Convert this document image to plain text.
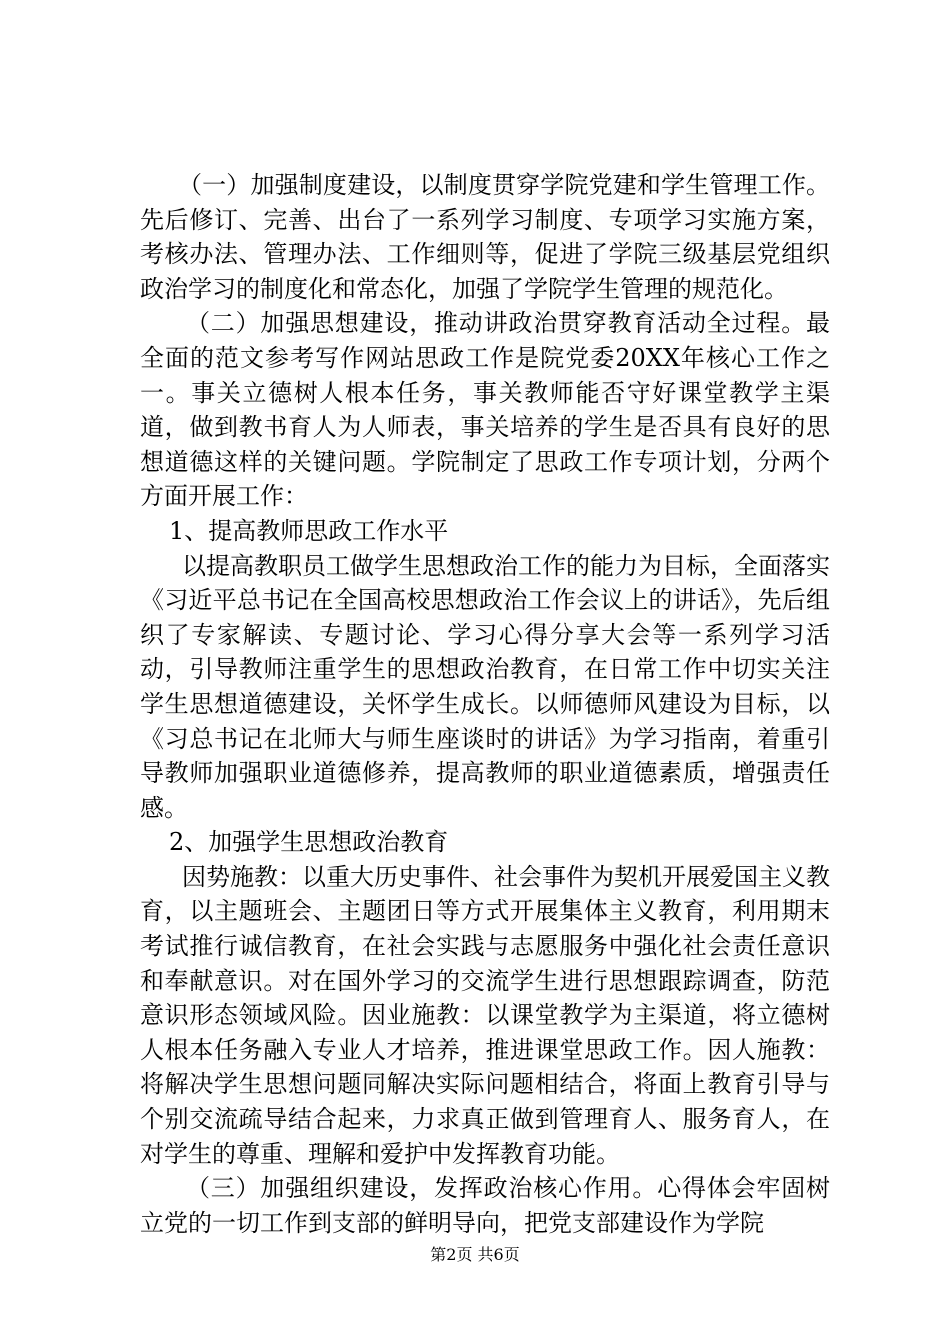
（一）加强制度建设，以制度贯穿学院党建和学生管理工作。先后修订、完善、出台了一系列学习制度、专项学习实施方案，考核办法、管理办法、工作细则等，促进了学院三级基层党组织政治学习的制度化和常态化，加强了学院学生管理的规范化。

（二）加强思想建设，推动讲政治贯穿教育活动全过程。最全面的范文参考写作网站思政工作是院党委20XX年核心工作之一。事关立德树人根本任务，事关教师能否守好课堂教学主渠道，做到教书育人为人师表，事关培养的学生是否具有良好的思想道德这样的关键问题。学院制定了思政工作专项计划，分两个方面开展工作：

1、提高教师思政工作水平

以提高教职员工做学生思想政治工作的能力为目标，全面落实《习近平总书记在全国高校思想政治工作会议上的讲话》，先后组织了专家解读、专题讨论、学习心得分享大会等一系列学习活动，引导教师注重学生的思想政治教育，在日常工作中切实关注学生思想道德建设，关怀学生成长。以师德师风建设为目标，以《习总书记在北师大与师生座谈时的讲话》为学习指南，着重引导教师加强职业道德修养，提高教师的职业道德素质，增强责任感。

2、加强学生思想政治教育

因势施教：以重大历史事件、社会事件为契机开展爱国主义教育，以主题班会、主题团日等方式开展集体主义教育，利用期末考试推行诚信教育，在社会实践与志愿服务中强化社会责任意识和奉献意识。对在国外学习的交流学生进行思想跟踪调查，防范意识形态领域风险。因业施教：以课堂教学为主渠道，将立德树人根本任务融入专业人才培养，推进课堂思政工作。因人施教：将解决学生思想问题同解决实际问题相结合，将面上教育引导与个别交流疏导结合起来，力求真正做到管理育人、服务育人，在对学生的尊重、理解和爱护中发挥教育功能。

（三）加强组织建设，发挥政治核心作用。心得体会牢固树立党的一切工作到支部的鲜明导向，把党支部建设作为学院

第2页 共6页
